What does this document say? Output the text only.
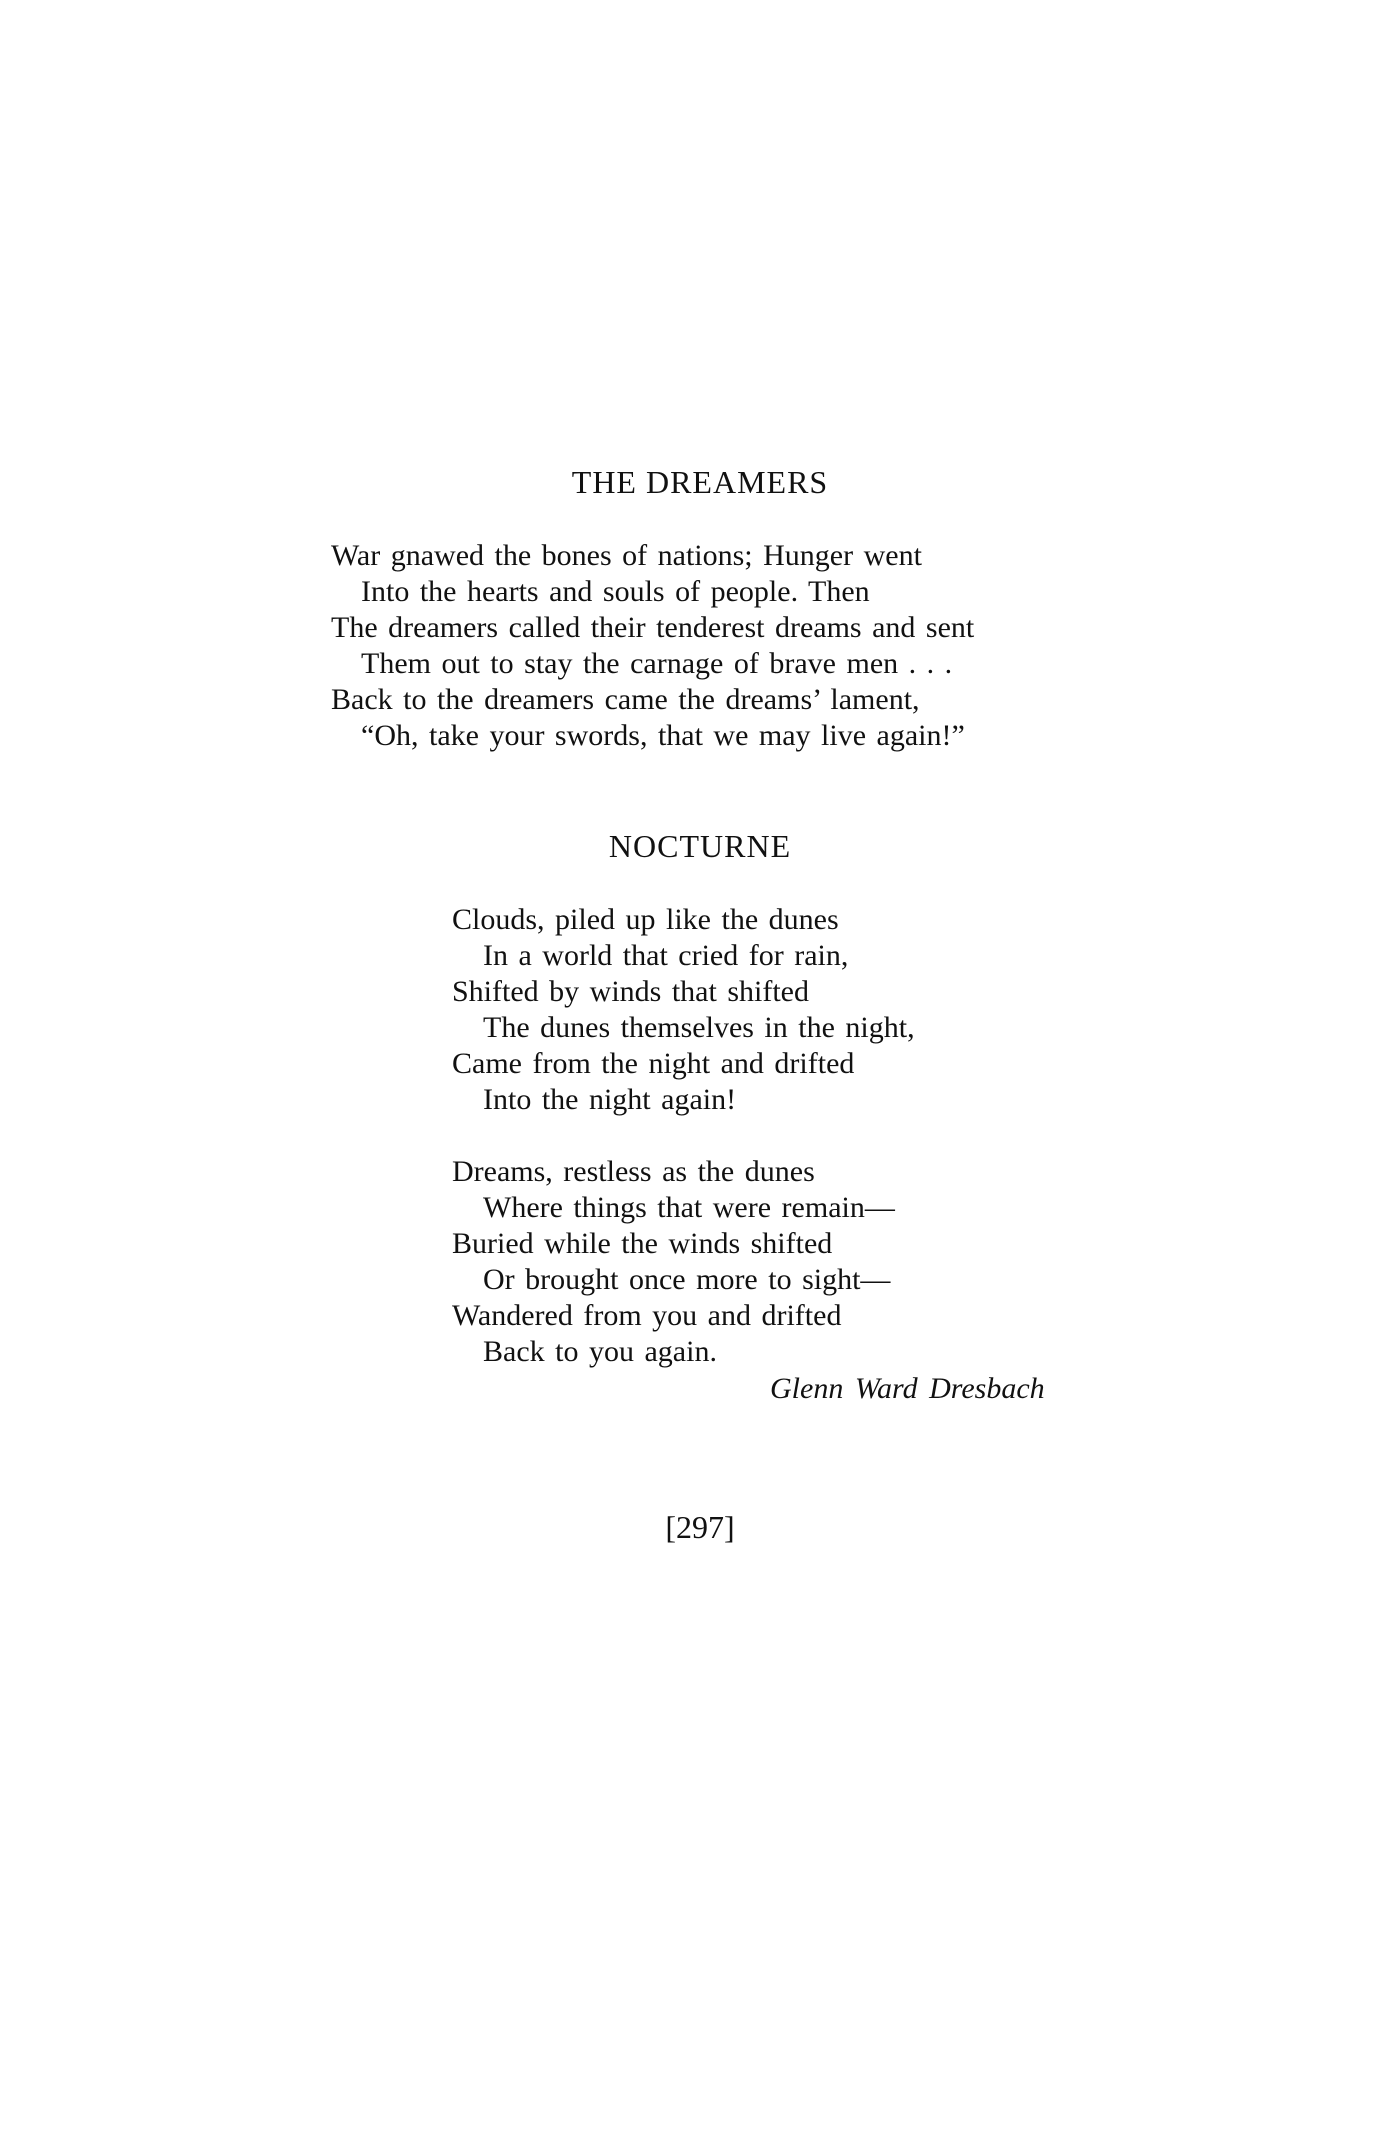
THE DREAMERS
War gnawed the bones of nations; Hunger went
Into the hearts and souls of people. Then
The dreamers called their tenderest dreams and sent
Them out to stay the carnage of brave men . . .
Back to the dreamers came the dreams’ lament,
“Oh, take your swords, that we may live again!”
NOCTURNE
Clouds, piled up like the dunes
In a world that cried for rain,
Shifted by winds that shifted
The dunes themselves in the night,
Came from the night and drifted
Into the night again!
Dreams, restless as the dunes
Where things that were remain—
Buried while the winds shifted
Or brought once more to sight—
Wandered from you and drifted
Back to you again.
Glenn Ward Dresbach
[297]
